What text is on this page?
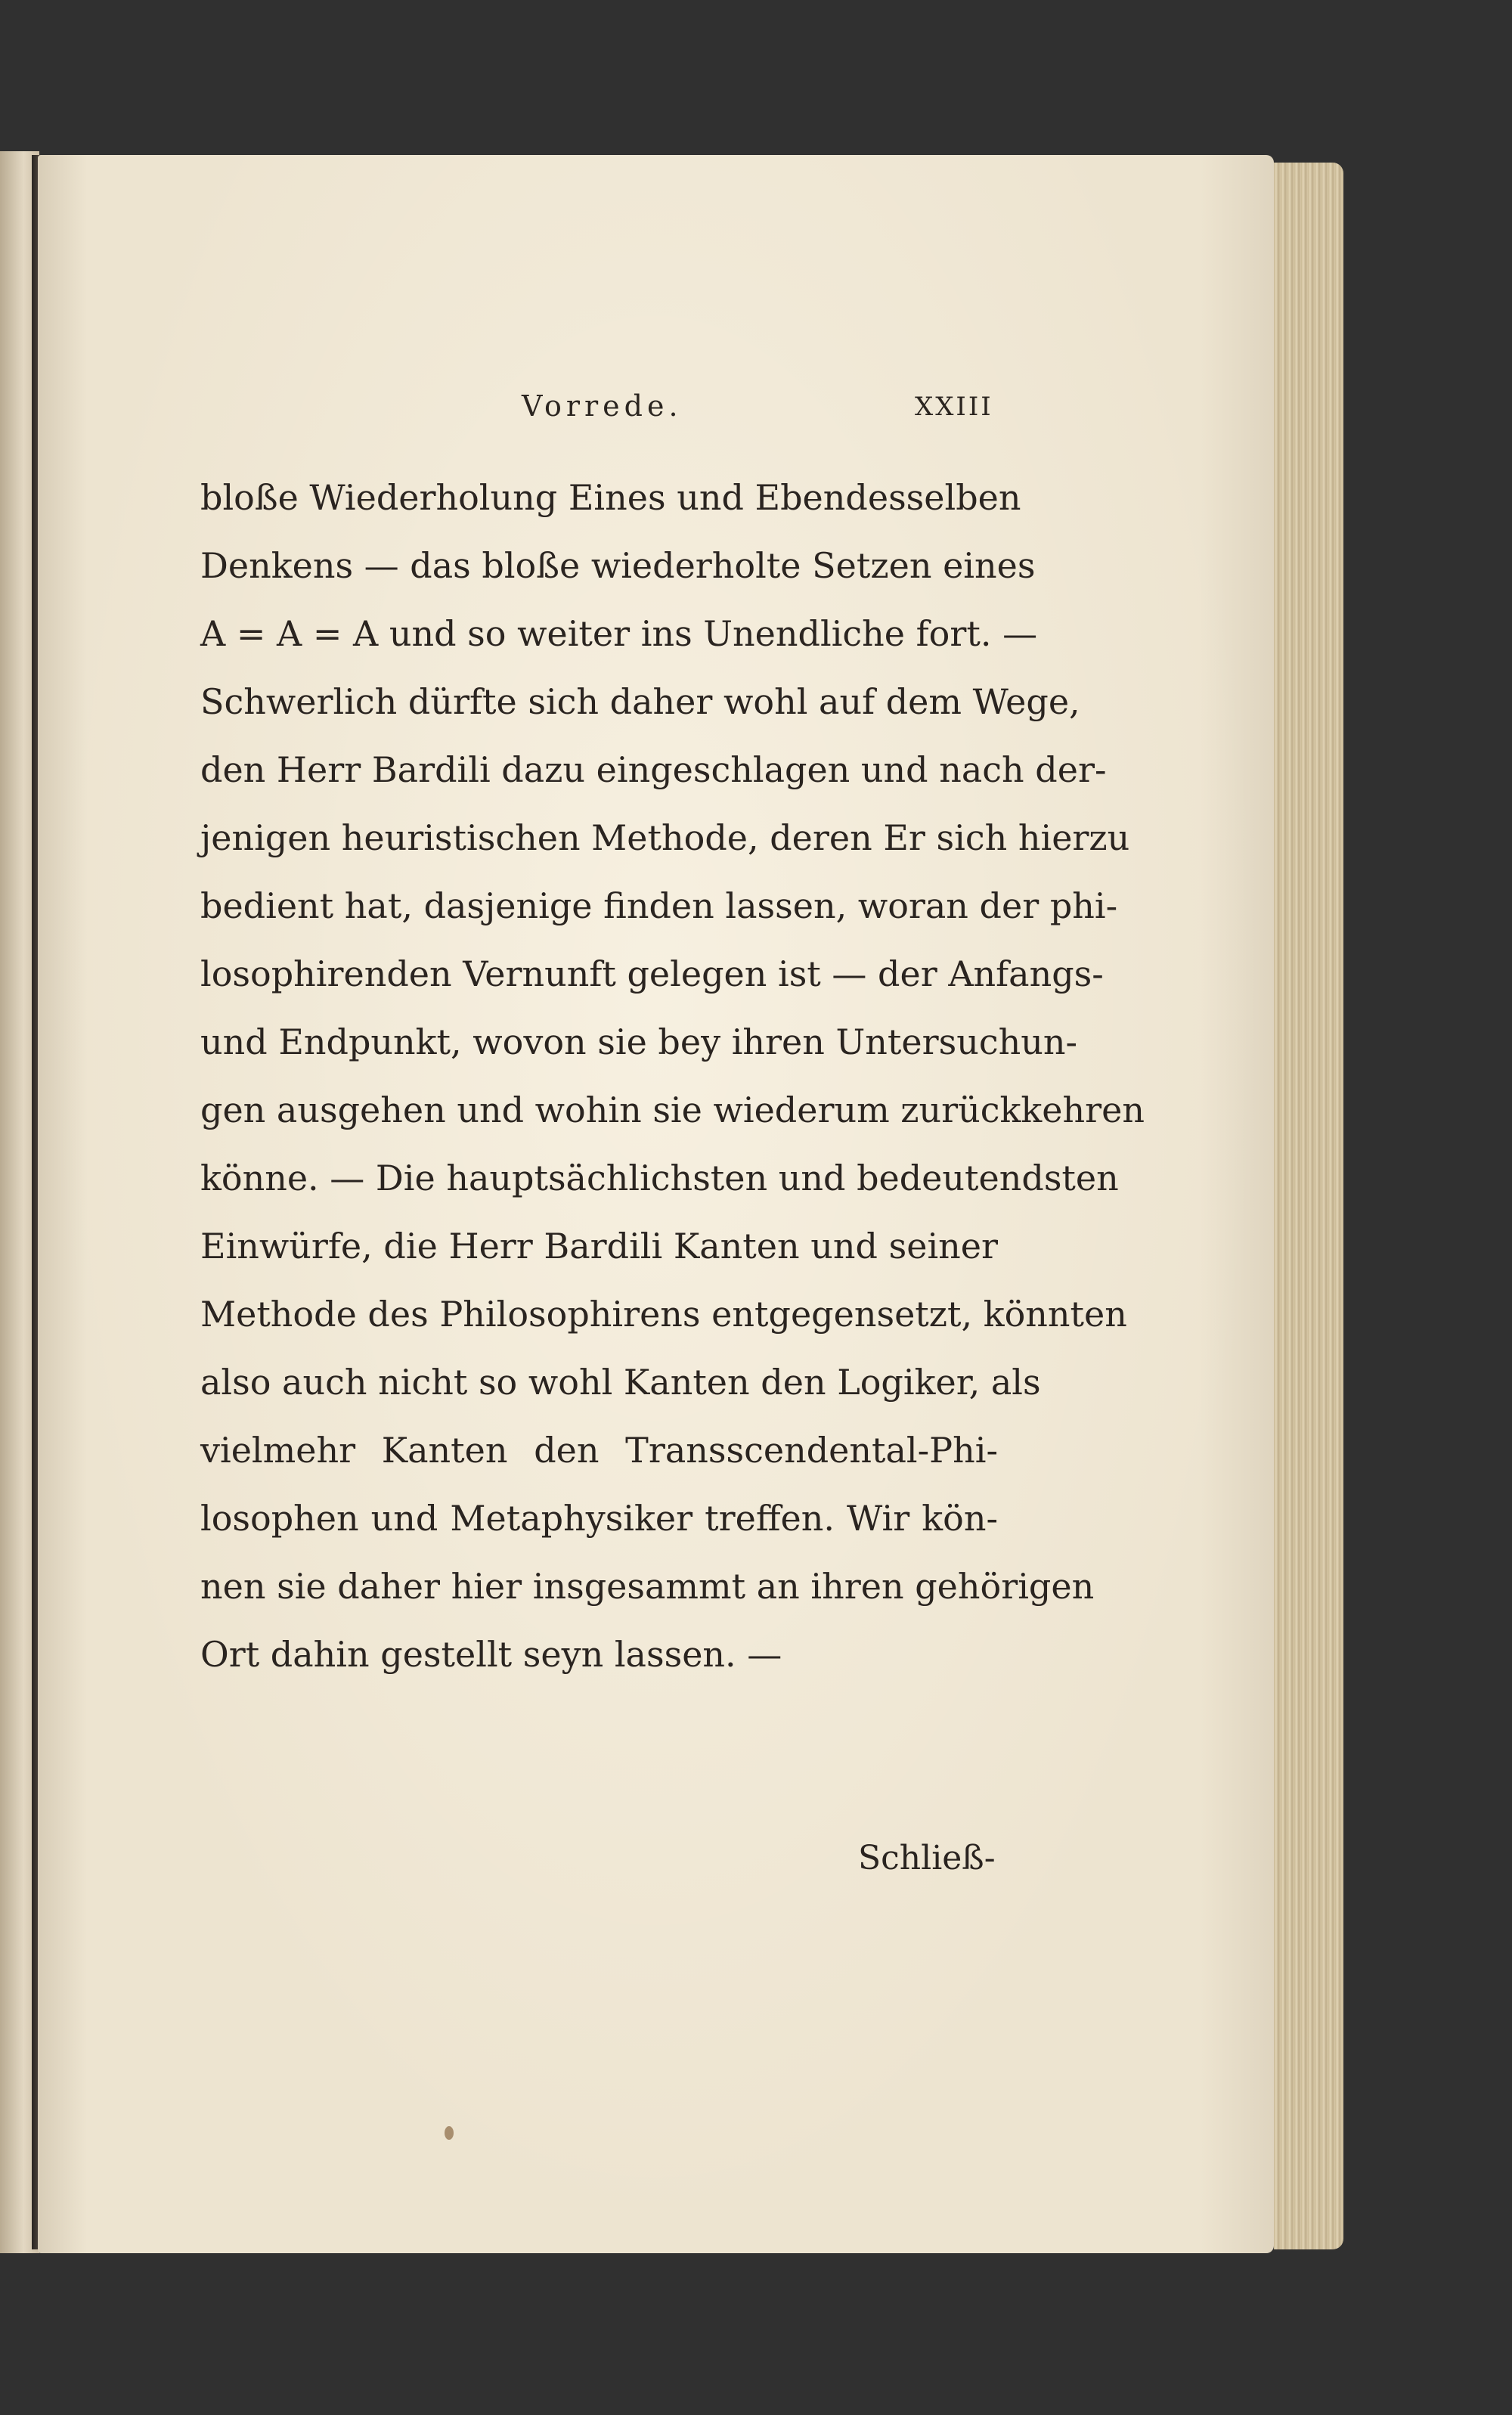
Vorrede.	XXIII
bloße Wiederholung Eines und Ebendesselben
Denkens — das bloße wiederholte Setzen eines
A = A = A und so weiter ins Unendliche fort. —
Schwerlich dürfte sich daher wohl auf dem Wege,
den Herr Bardili dazu eingeschlagen und nach der-
jenigen heuristischen Methode, deren Er sich hierzu
bedient hat, dasjenige finden lassen, woran der phi-
losophirenden Vernunft gelegen ist — der Anfangs-
und Endpunkt, wovon sie bey ihren Untersuchun-
gen ausgehen und wohin sie wiederum zurückkehren
könne. — Die hauptsächlichsten und bedeutendsten
Einwürfe, die Herr Bardili Kanten und seiner
Methode des Philosophirens entgegensetzt, könnten
also auch nicht so wohl Kanten den Logiker, als
vielmehr Kanten den Transscendental-Phi-
losophen und Metaphysiker treffen. Wir kön-
nen sie daher hier insgesammt an ihren gehörigen
Ort dahin gestellt seyn lassen. —
Schließ-
